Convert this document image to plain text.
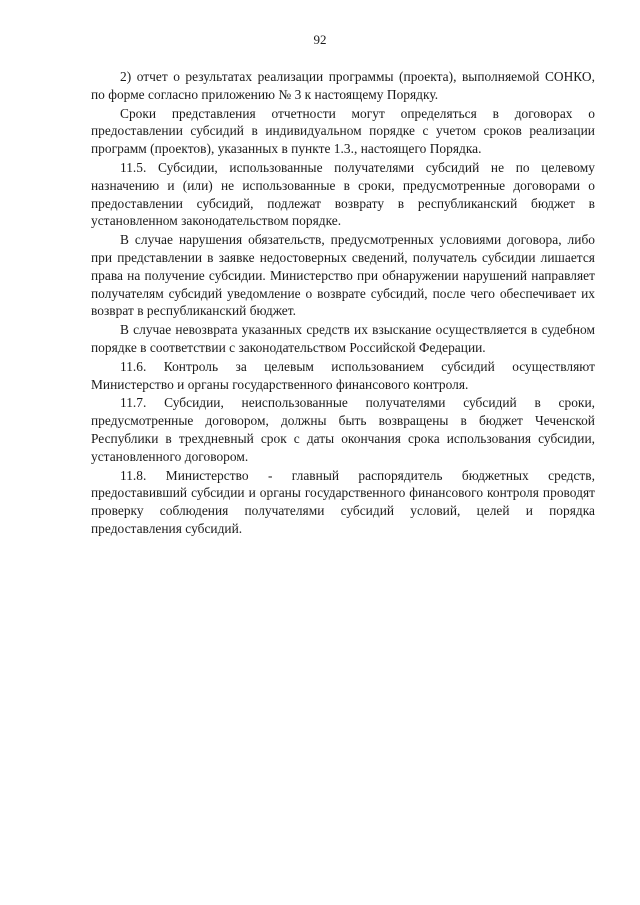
92

2) отчет о результатах реализации программы (проекта), выполняемой СОНКО, по форме согласно приложению № 3 к настоящему Порядку.

Сроки представления отчетности могут определяться в договорах о предоставлении субсидий в индивидуальном порядке с учетом сроков реализации программ (проектов), указанных в пункте 1.3., настоящего Порядка.

11.5. Субсидии, использованные получателями субсидий не по целевому назначению и (или) не использованные в сроки, предусмотренные договорами о предоставлении субсидий, подлежат возврату в республиканский бюджет в установленном законодательством порядке.

В случае нарушения обязательств, предусмотренных условиями договора, либо при представлении в заявке недостоверных сведений, получатель субсидии лишается права на получение субсидии. Министерство при обнаружении нарушений направляет получателям субсидий уведомление о возврате субсидий, после чего обеспечивает их возврат в республиканский бюджет.

В случае невозврата указанных средств их взыскание осуществляется в судебном порядке в соответствии с законодательством Российской Федерации.

11.6. Контроль за целевым использованием субсидий осуществляют Министерство и органы государственного финансового контроля.

11.7. Субсидии, неиспользованные получателями субсидий в сроки, предусмотренные договором, должны быть возвращены в бюджет Чеченской Республики в трехдневный срок с даты окончания срока использования субсидии, установленного договором.

11.8. Министерство - главный распорядитель бюджетных средств, предоставивший субсидии и органы государственного финансового контроля проводят проверку соблюдения получателями субсидий условий, целей и порядка предоставления субсидий.
